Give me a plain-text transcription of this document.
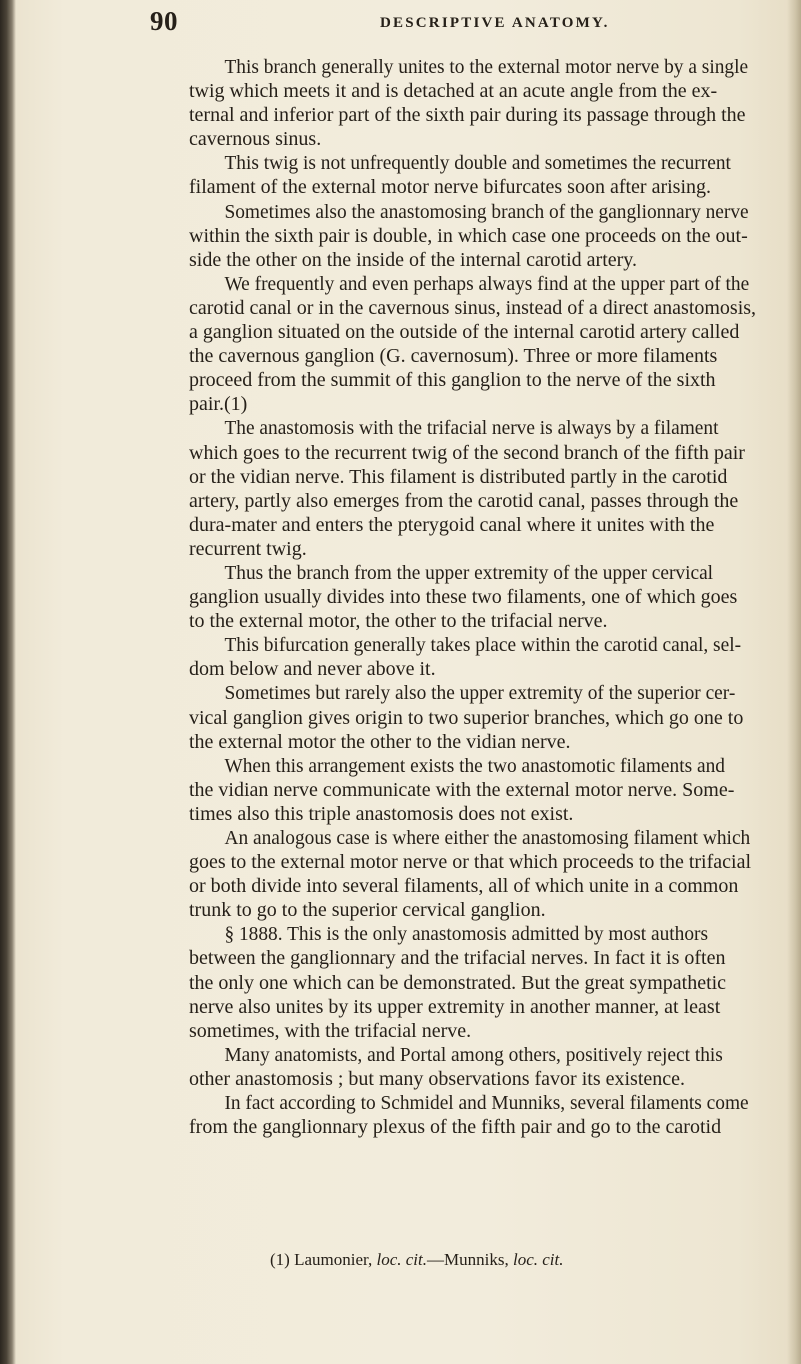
90	DESCRIPTIVE ANATOMY.

This branch generally unites to the external motor nerve by a single
twig which meets it and is detached at an acute angle from the ex-
ternal and inferior part of the sixth pair during its passage through the
cavernous sinus.

This twig is not unfrequently double and sometimes the recurrent
filament of the external motor nerve bifurcates soon after arising.

Sometimes also the anastomosing branch of the ganglionnary nerve
within the sixth pair is double, in which case one proceeds on the out-
side the other on the inside of the internal carotid artery.

We frequently and even perhaps always find at the upper part of the
carotid canal or in the cavernous sinus, instead of a direct anastomosis,
a ganglion situated on the outside of the internal carotid artery called
the cavernous ganglion (G. cavernosum). Three or more filaments
proceed from the summit of this ganglion to the nerve of the sixth
pair.(1)

The anastomosis with the trifacial nerve is always by a filament
which goes to the recurrent twig of the second branch of the fifth pair
or the vidian nerve. This filament is distributed partly in the carotid
artery, partly also emerges from the carotid canal, passes through the
dura-mater and enters the pterygoid canal where it unites with the
recurrent twig.

Thus the branch from the upper extremity of the upper cervical
ganglion usually divides into these two filaments, one of which goes
to the external motor, the other to the trifacial nerve.

This bifurcation generally takes place within the carotid canal, sel-
dom below and never above it.

Sometimes but rarely also the upper extremity of the superior cer-
vical ganglion gives origin to two superior branches, which go one to
the external motor the other to the vidian nerve.

When this arrangement exists the two anastomotic filaments and
the vidian nerve communicate with the external motor nerve. Some-
times also this triple anastomosis does not exist.

An analogous case is where either the anastomosing filament which
goes to the external motor nerve or that which proceeds to the trifacial
or both divide into several filaments, all of which unite in a common
trunk to go to the superior cervical ganglion.

§ 1888. This is the only anastomosis admitted by most authors
between the ganglionnary and the trifacial nerves. In fact it is often
the only one which can be demonstrated. But the great sympathetic
nerve also unites by its upper extremity in another manner, at least
sometimes, with the trifacial nerve.

Many anatomists, and Portal among others, positively reject this
other anastomosis ; but many observations favor its existence.

In fact according to Schmidel and Munniks, several filaments come
from the ganglionnary plexus of the fifth pair and go to the carotid

(1) Laumonier, loc. cit.—Munniks, loc. cit.
